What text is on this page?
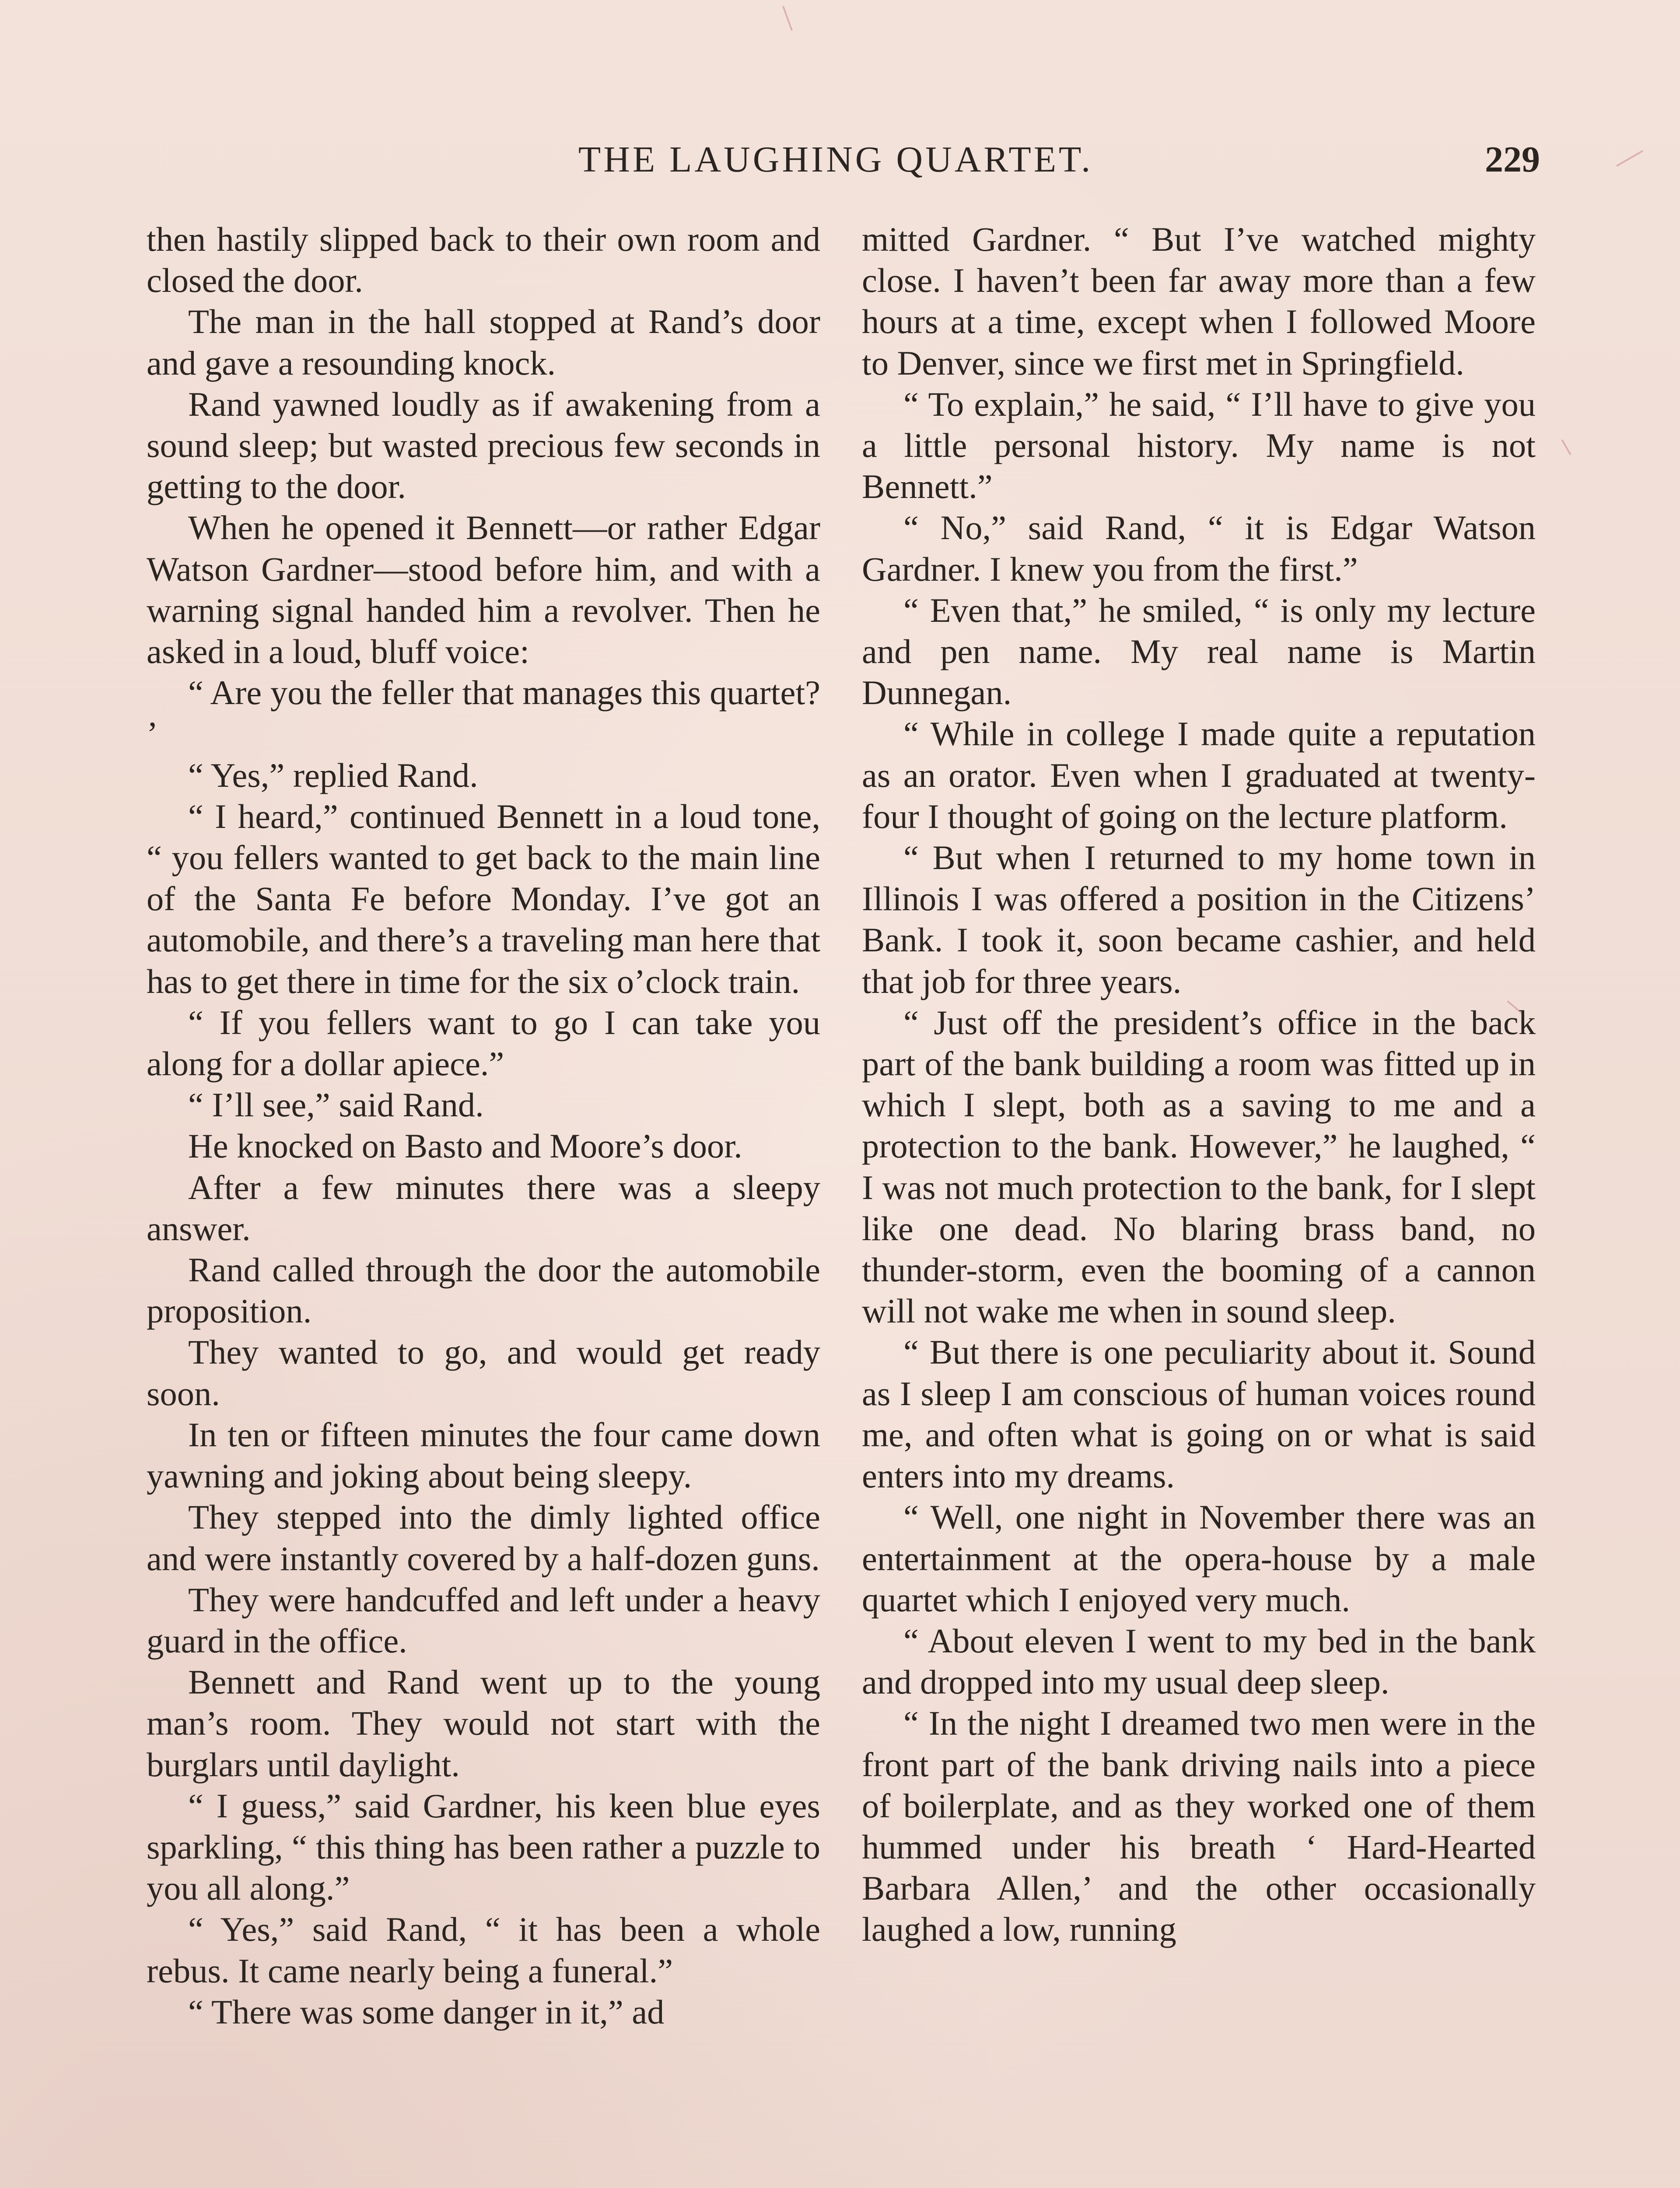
THE LAUGHING QUARTET.	229

then hastily slipped back to their own room and closed the door.

The man in the hall stopped at Rand’s door and gave a resounding knock.

Rand yawned loudly as if awakening from a sound sleep; but wasted precious few seconds in getting to the door.

When he opened it Bennett—or rather Edgar Watson Gardner—stood before him, and with a warning signal handed him a revolver. Then he asked in a loud, bluff voice:

“ Are you the feller that manages this quartet? ’

“ Yes,” replied Rand.

“ I heard,” continued Bennett in a loud tone, “ you fellers wanted to get back to the main line of the Santa Fe before Monday. I’ve got an automobile, and there’s a traveling man here that has to get there in time for the six o’clock train.

“ If you fellers want to go I can take you along for a dollar apiece.”

“ I’ll see,” said Rand.

He knocked on Basto and Moore’s door.

After a few minutes there was a sleepy answer.

Rand called through the door the automobile proposition.

They wanted to go, and would get ready soon.

In ten or fifteen minutes the four came down yawning and joking about being sleepy.

They stepped into the dimly lighted office and were instantly covered by a half-dozen guns.

They were handcuffed and left under a heavy guard in the office.

Bennett and Rand went up to the young man’s room. They would not start with the burglars until daylight.

“ I guess,” said Gardner, his keen blue eyes sparkling, “ this thing has been rather a puzzle to you all along.”

“ Yes,” said Rand, “ it has been a whole rebus. It came nearly being a funeral.”

“ There was some danger in it,” ad

mitted Gardner. “ But I’ve watched mighty close. I haven’t been far away more than a few hours at a time, except when I followed Moore to Denver, since we first met in Springfield.

“ To explain,” he said, “ I’ll have to give you a little personal history. My name is not Bennett.”

“ No,” said Rand, “ it is Edgar Watson Gardner. I knew you from the first.”

“ Even that,” he smiled, “ is only my lecture and pen name. My real name is Martin Dunnegan.

“ While in college I made quite a reputation as an orator. Even when I graduated at twenty-four I thought of going on the lecture platform.

“ But when I returned to my home town in Illinois I was offered a position in the Citizens’ Bank. I took it, soon became cashier, and held that job for three years.

“ Just off the president’s office in the back part of the bank building a room was fitted up in which I slept, both as a saving to me and a protection to the bank. However,” he laughed, “ I was not much protection to the bank, for I slept like one dead. No blaring brass band, no thunder-storm, even the booming of a cannon will not wake me when in sound sleep.

“ But there is one peculiarity about it. Sound as I sleep I am conscious of human voices round me, and often what is going on or what is said enters into my dreams.

“ Well, one night in November there was an entertainment at the opera-house by a male quartet which I enjoyed very much.

“ About eleven I went to my bed in the bank and dropped into my usual deep sleep.

“ In the night I dreamed two men were in the front part of the bank driving nails into a piece of boilerplate, and as they worked one of them hummed under his breath ‘ Hard-Hearted Barbara Allen,’ and the other occasionally laughed a low, running
